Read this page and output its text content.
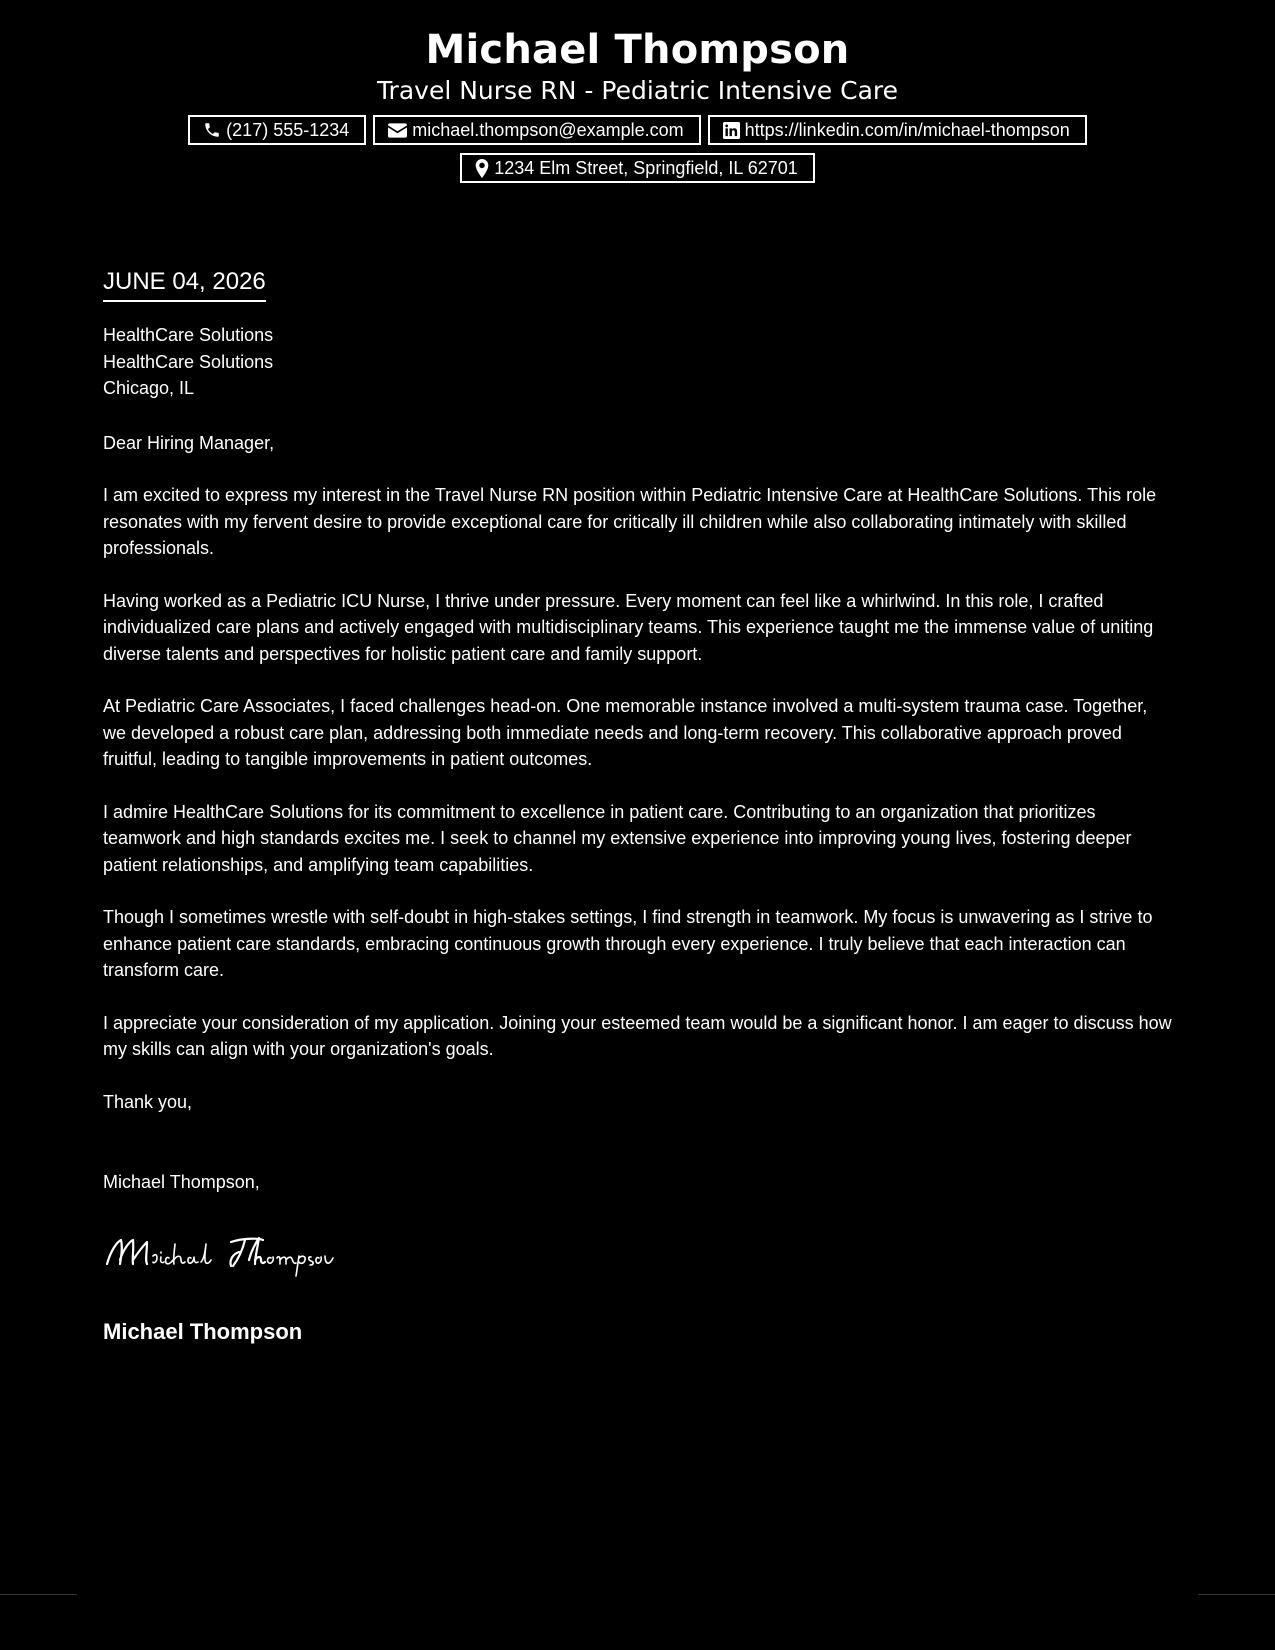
Michael Thompson
Travel Nurse RN - Pediatric Intensive Care
(217) 555-1234	michael.thompson@example.com	https://linkedin.com/in/michael-thompson
1234 Elm Street, Springfield, IL 62701
JUNE 04, 2026
HealthCare Solutions
HealthCare Solutions
Chicago, IL
Dear Hiring Manager,

I am excited to express my interest in the Travel Nurse RN position within Pediatric Intensive Care at HealthCare Solutions. This role resonates with my fervent desire to provide exceptional care for critically ill children while also collaborating intimately with skilled professionals.

Having worked as a Pediatric ICU Nurse, I thrive under pressure. Every moment can feel like a whirlwind. In this role, I crafted individualized care plans and actively engaged with multidisciplinary teams. This experience taught me the immense value of uniting diverse talents and perspectives for holistic patient care and family support.

At Pediatric Care Associates, I faced challenges head-on. One memorable instance involved a multi-system trauma case. Together, we developed a robust care plan, addressing both immediate needs and long-term recovery. This collaborative approach proved fruitful, leading to tangible improvements in patient outcomes.

I admire HealthCare Solutions for its commitment to excellence in patient care. Contributing to an organization that prioritizes teamwork and high standards excites me. I seek to channel my extensive experience into improving young lives, fostering deeper patient relationships, and amplifying team capabilities.

Though I sometimes wrestle with self-doubt in high-stakes settings, I find strength in teamwork. My focus is unwavering as I strive to enhance patient care standards, embracing continuous growth through every experience. I truly believe that each interaction can transform care.

I appreciate your consideration of my application. Joining your esteemed team would be a significant honor. I am eager to discuss how my skills can align with your organization's goals.

Thank you,
Michael Thompson,
Michael Thompson
